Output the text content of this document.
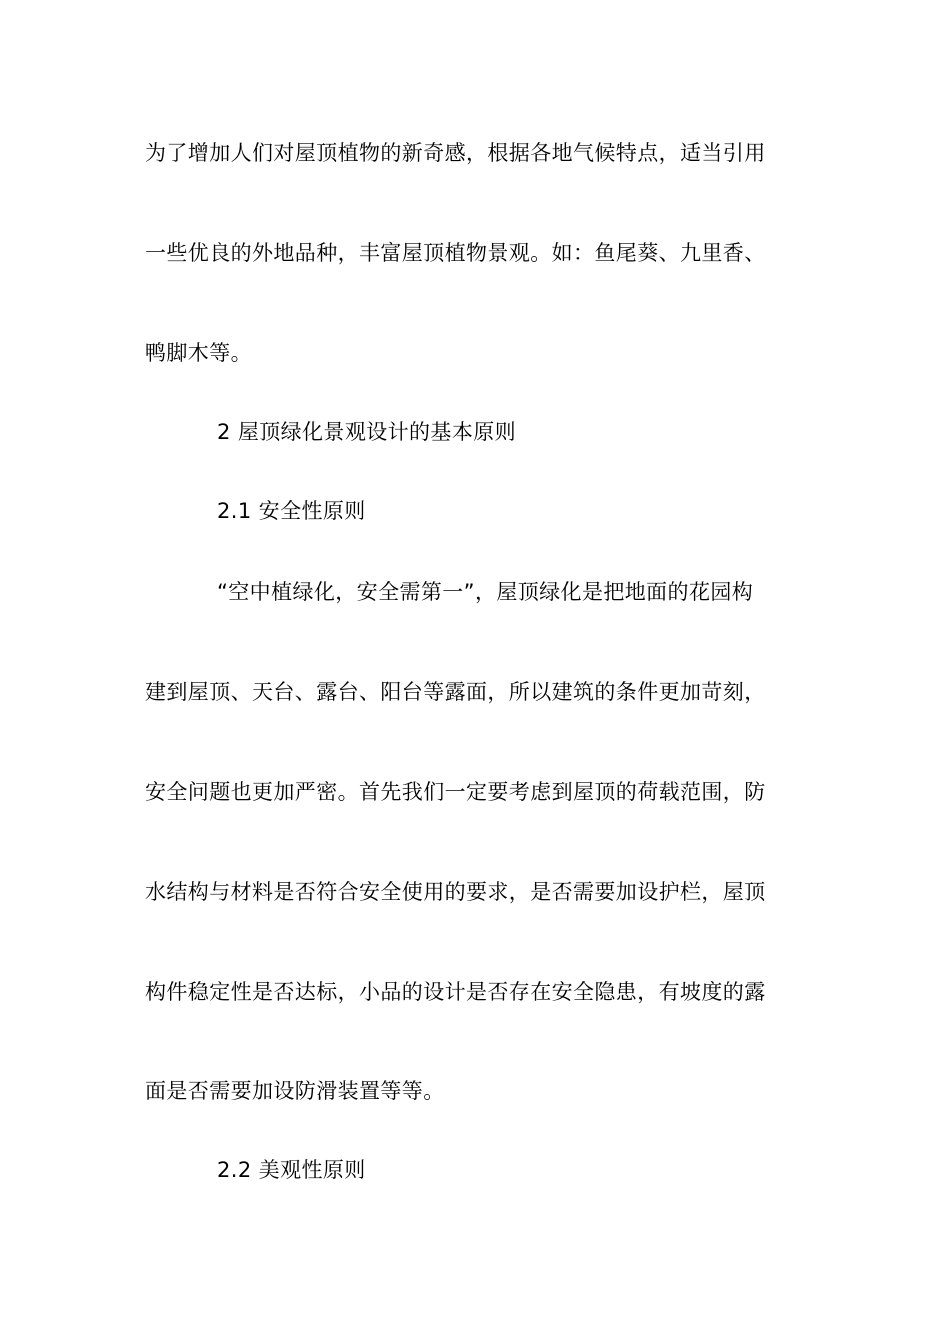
为了增加人们对屋顶植物的新奇感，根据各地气候特点，适当引用
一些优良的外地品种，丰富屋顶植物景观。如：鱼尾葵、九里香、
鸭脚木等。
2 屋顶绿化景观设计的基本原则
2.1 安全性原则
“空中植绿化，安全需第一”，屋顶绿化是把地面的花园构
建到屋顶、天台、露台、阳台等露面，所以建筑的条件更加苛刻，
安全问题也更加严密。首先我们一定要考虑到屋顶的荷载范围，防
水结构与材料是否符合安全使用的要求，是否需要加设护栏，屋顶
构件稳定性是否达标，小品的设计是否存在安全隐患，有坡度的露
面是否需要加设防滑装置等等。
2.2 美观性原则
